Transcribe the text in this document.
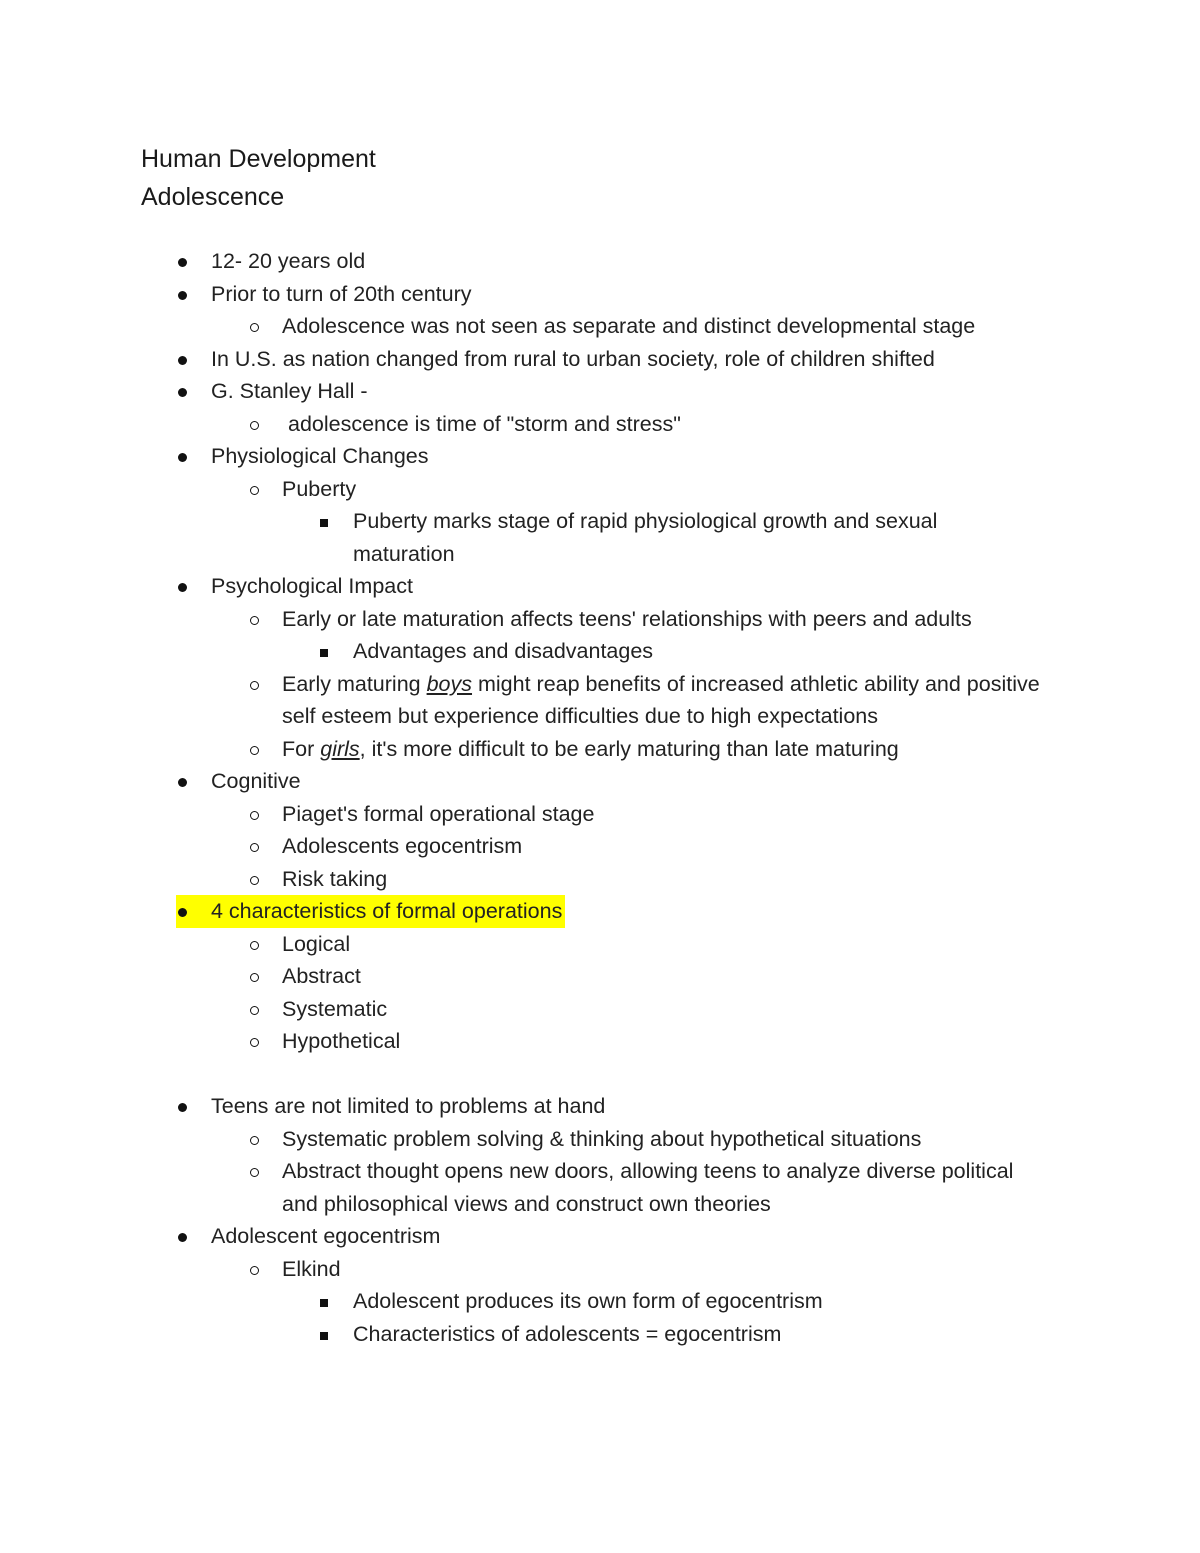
Human Development
Adolescence
12- 20 years old
Prior to turn of 20th century
Adolescence was not seen as separate and distinct developmental stage
In U.S. as nation changed from rural to urban society, role of children shifted
G. Stanley Hall -
adolescence is time of "storm and stress"
Physiological Changes
Puberty
Puberty marks stage of rapid physiological growth and sexual maturation
Psychological Impact
Early or late maturation affects teens' relationships with peers and adults
Advantages and disadvantages
Early maturing boys might reap benefits of increased athletic ability and positive self esteem but experience difficulties due to high expectations
For girls, it's more difficult to be early maturing than late maturing
Cognitive
Piaget's formal operational stage
Adolescents egocentrism
Risk taking
4 characteristics of formal operations
Logical
Abstract
Systematic
Hypothetical
Teens are not limited to problems at hand
Systematic problem solving & thinking about hypothetical situations
Abstract thought opens new doors, allowing teens to analyze diverse political and philosophical views and construct own theories
Adolescent egocentrism
Elkind
Adolescent produces its own form of egocentrism
Characteristics of adolescents = egocentrism
